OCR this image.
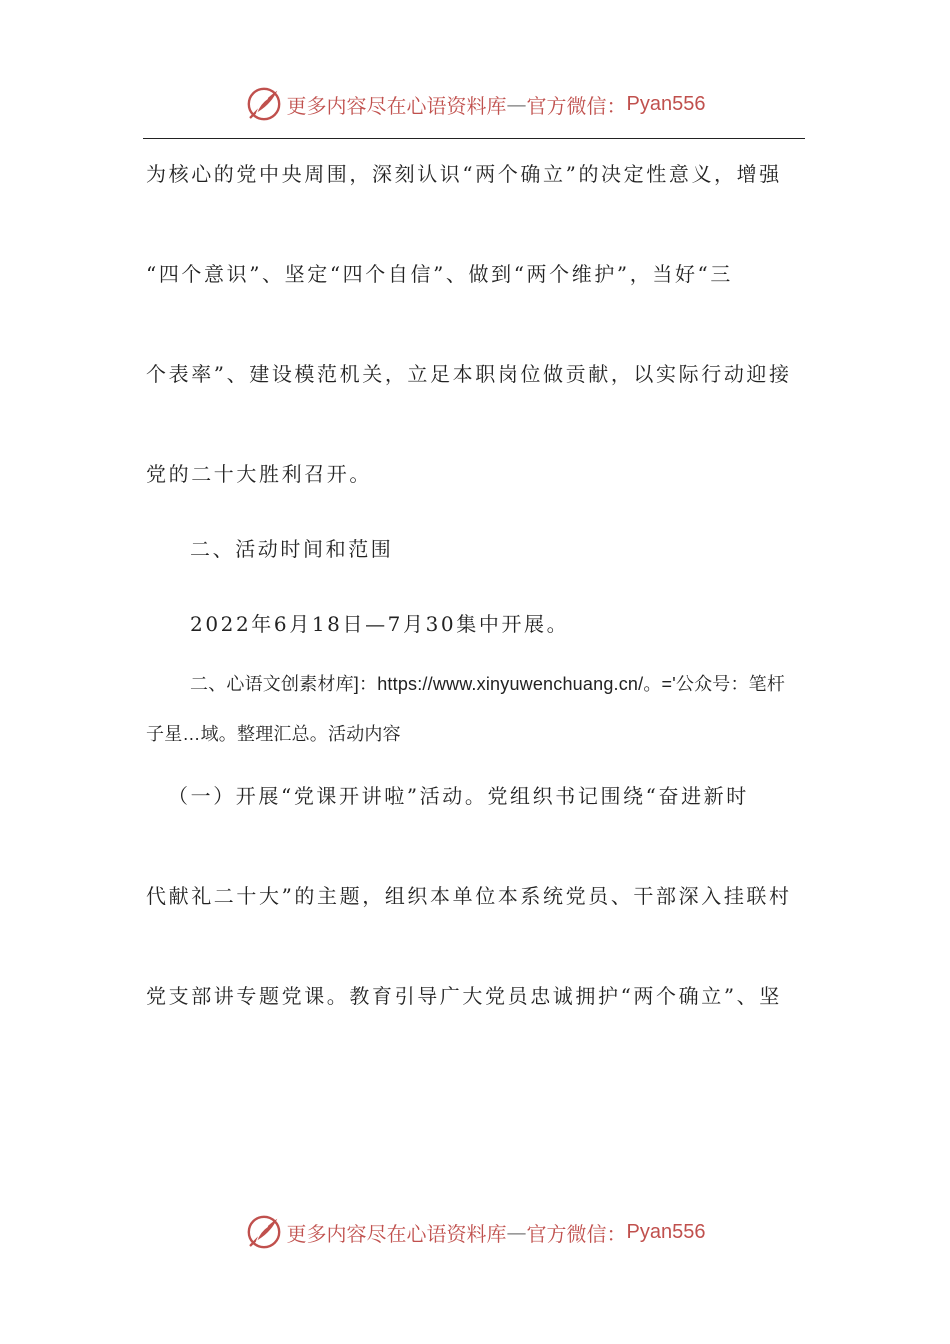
更多内容尽在心语资料库 — 官方微信： Pyan556
为核心的党中央周围，深刻认识“两个确立”的决定性意义，增强
“四个意识”、坚定“四个自信”、做到“两个维护”，当好“三
个表率”、建设模范机关，立足本职岗位做贡献，以实际行动迎接
党的二十大胜利召开。
二、活动时间和范围
2022年6月18日—7月30集中开展。
二、心语文创素材库]：https://www.xinyuwenchuang.cn/。='公众号：笔杆
子星…域。整理汇总。活动内容
（一）开展“党课开讲啦”活动。党组织书记围绕“奋进新时
代献礼二十大”的主题，组织本单位本系统党员、干部深入挂联村
党支部讲专题党课。教育引导广大党员忠诚拥护“两个确立”、坚
更多内容尽在心语资料库 — 官方微信： Pyan556
